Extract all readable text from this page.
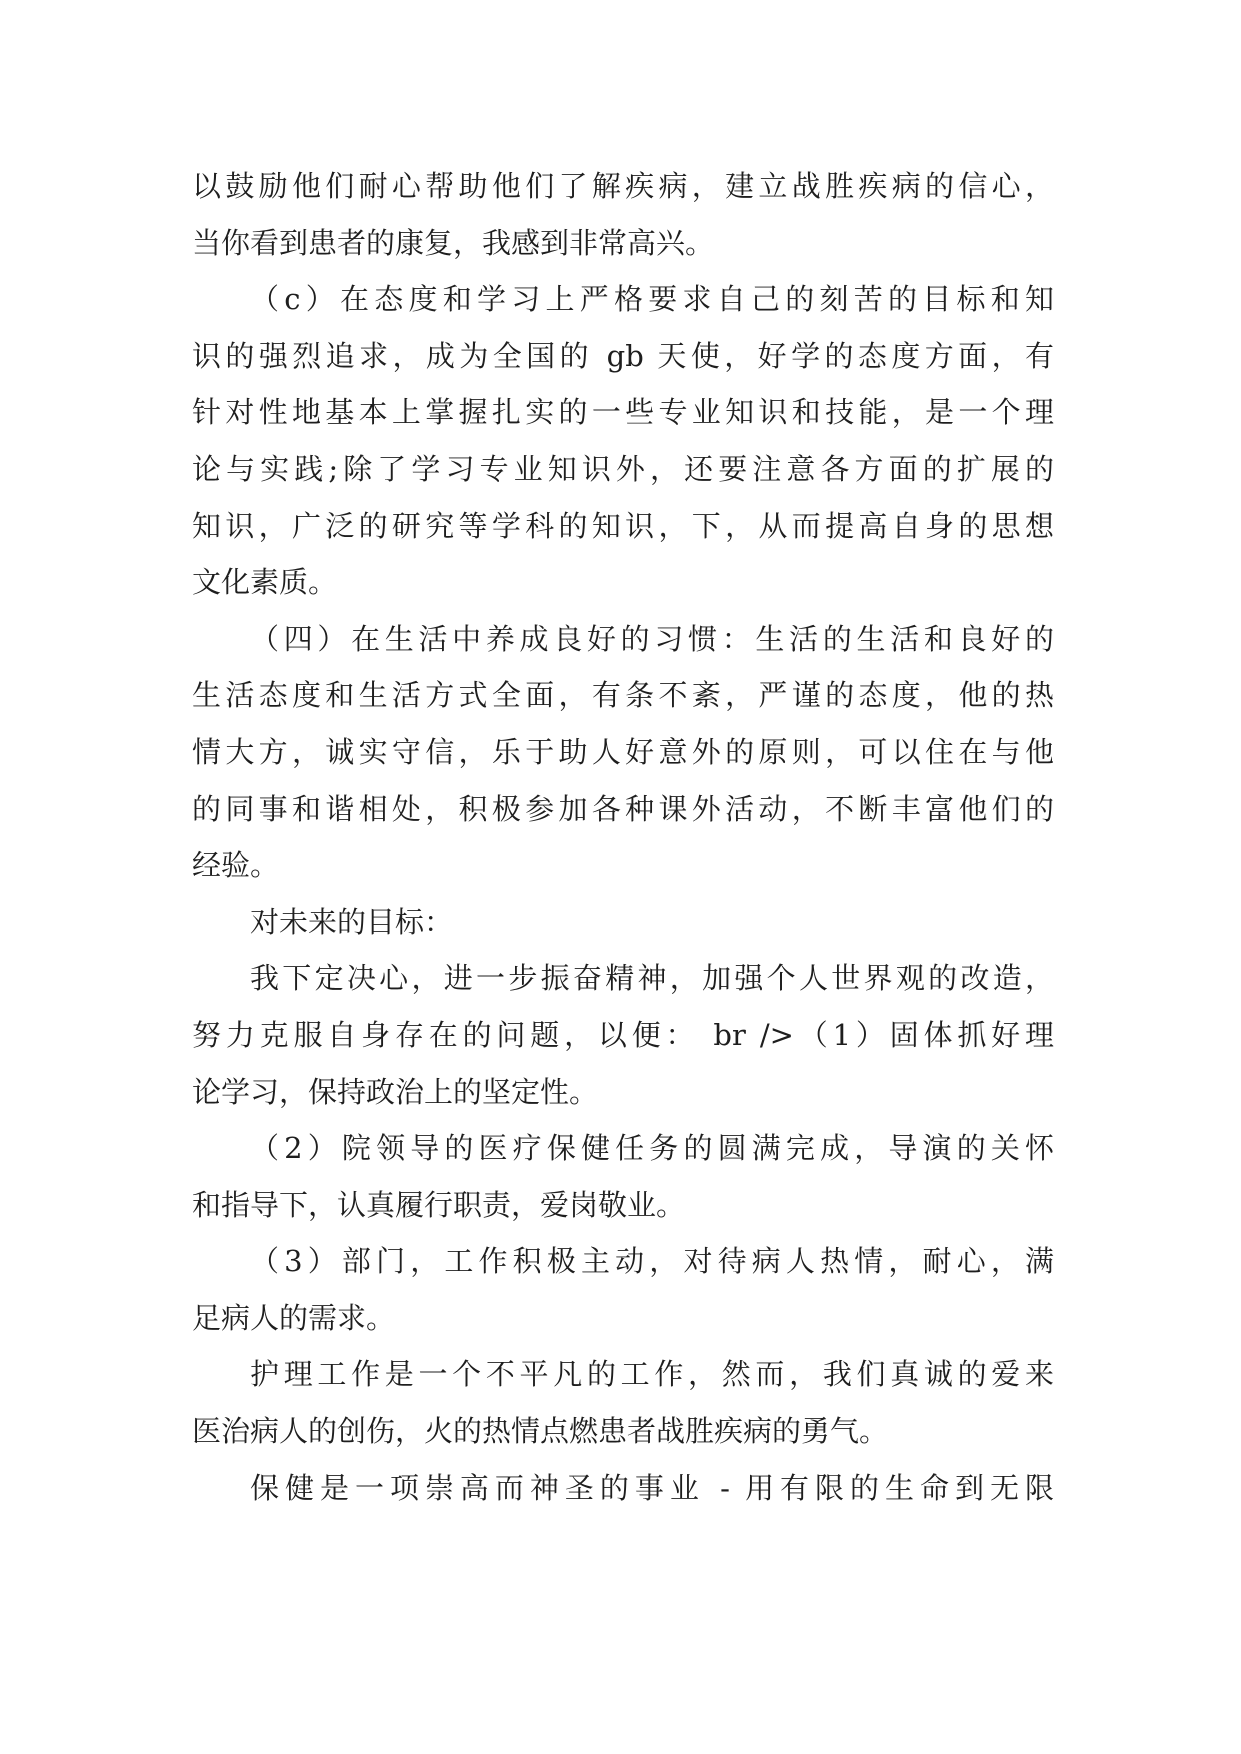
以鼓励他们耐心帮助他们了解疾病，建立战胜疾病的信心，
当你看到患者的康复，我感到非常高兴。
（c）在态度和学习上严格要求自己的刻苦的目标和知
识的强烈追求，成为全国的 gb 天使，好学的态度方面，有
针对性地基本上掌握扎实的一些专业知识和技能，是一个理
论与实践;除了学习专业知识外，还要注意各方面的扩展的
知识，广泛的研究等学科的知识，下，从而提高自身的思想
文化素质。
（四）在生活中养成良好的习惯：生活的生活和良好的
生活态度和生活方式全面，有条不紊，严谨的态度，他的热
情大方，诚实守信，乐于助人好意外的原则，可以住在与他
的同事和谐相处，积极参加各种课外活动，不断丰富他们的
经验。
对未来的目标：
我下定决心，进一步振奋精神，加强个人世界观的改造，
努力克服自身存在的问题，以便： br />（1）固体抓好理
论学习，保持政治上的坚定性。
（2）院领导的医疗保健任务的圆满完成，导演的关怀
和指导下，认真履行职责，爱岗敬业。
（3）部门，工作积极主动，对待病人热情，耐心，满
足病人的需求。
护理工作是一个不平凡的工作，然而，我们真诚的爱来
医治病人的创伤，火的热情点燃患者战胜疾病的勇气。
保健是一项崇高而神圣的事业 - 用有限的生命到无限
